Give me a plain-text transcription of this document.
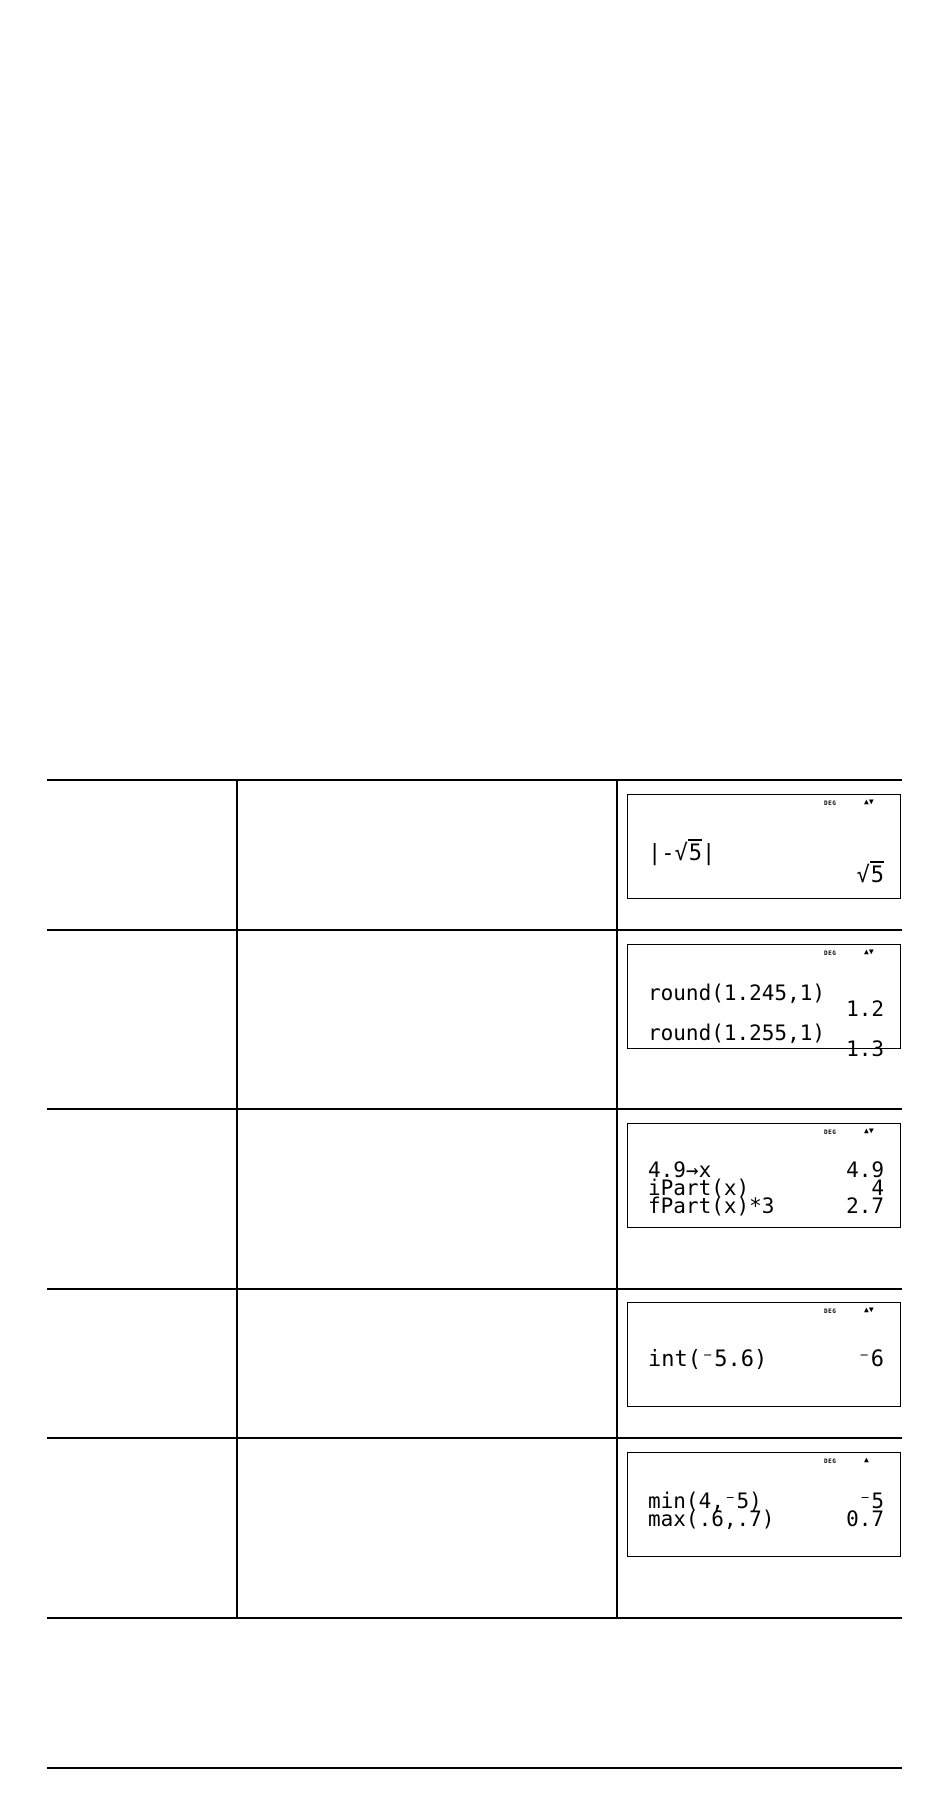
DEG	▲▼

|-√5|

√5

DEG	▲▼

round(1.245,1)

1.2

round(1.255,1)

1.3

DEG	▲▼

4.9→x	4.9

iPart(x)	4

fPart(x)*3	2.7

DEG	▲▼

int(⁻5.6)	⁻6

DEG	▲

min(4,⁻5)	⁻5

max(.6,.7)	0.7
